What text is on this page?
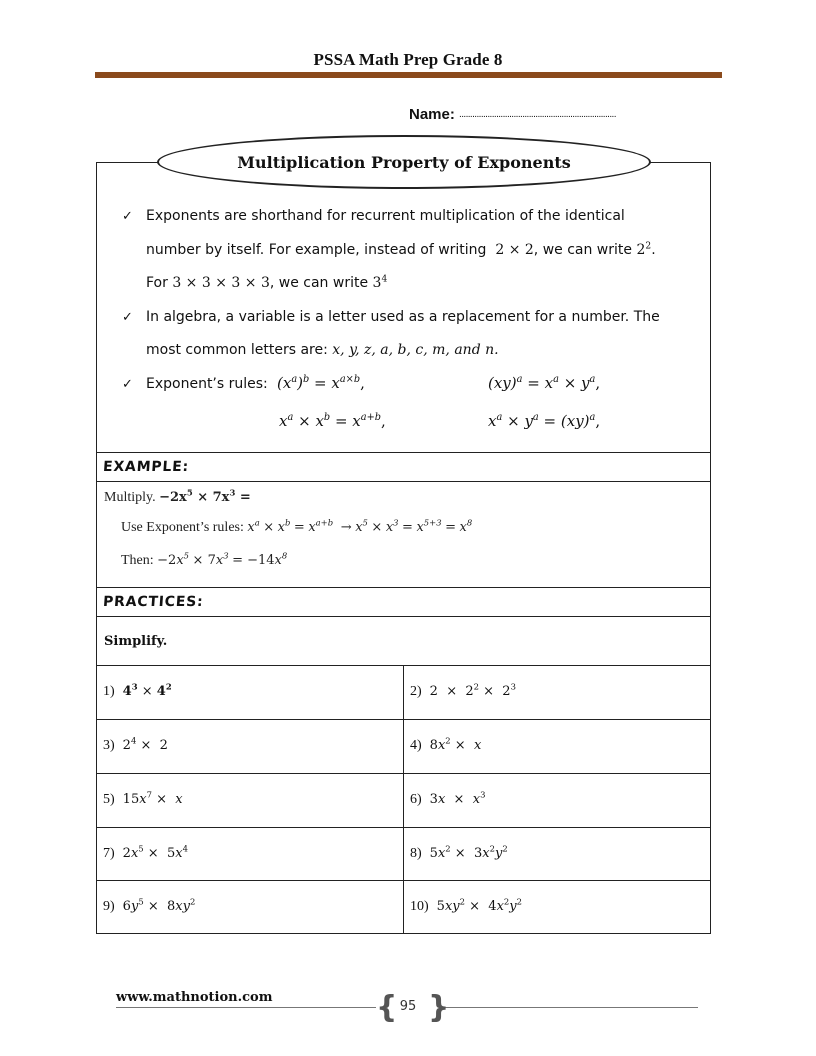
PSSA Math Prep Grade 8
Name: ........................................................................
Multiplication Property of Exponents
✓ Exponents are shorthand for recurrent multiplication of the identical
number by itself. For example, instead of writing 2 × 2, we can write $2^2$.
For 3 × 3 × 3 × 3, we can write $3^4$
✓ In algebra, a variable is a letter used as a replacement for a number. The
most common letters are: x, y, z, a, b, c, m, and n.
✓ Exponent’s rules: $(x^a)^b = x^{a\times b}$,	$(xy)^a = x^a \times y^a$,
$x^a \times x^b = x^{a+b}$,	$x^a \times y^a = (xy)^a$,
EXAMPLE:
Multiply. $-2x^5 \times 7x^3$ =
Use Exponent’s rules: $x^a \times x^b = x^{a+b} \to x^5 \times x^3 = x^{5+3} = x^8$
Then: $-2x^5 \times 7x^3 = -14x^8$
PRACTICES:
Simplify.
1) $4^3 \times 4^2$	2) $2 \times 2^2 \times 2^3$
3) $2^4 \times 2$	4) $8x^2 \times x$
5) $15x^7 \times x$	6) $3x \times x^3$
7) $2x^5 \times 5x^4$	8) $5x^2 \times 3x^2y^2$
9) $6y^5 \times 8xy^2$	10) $5xy^2 \times 4x^2y^2$
www.mathnotion.com	{ 95 }
